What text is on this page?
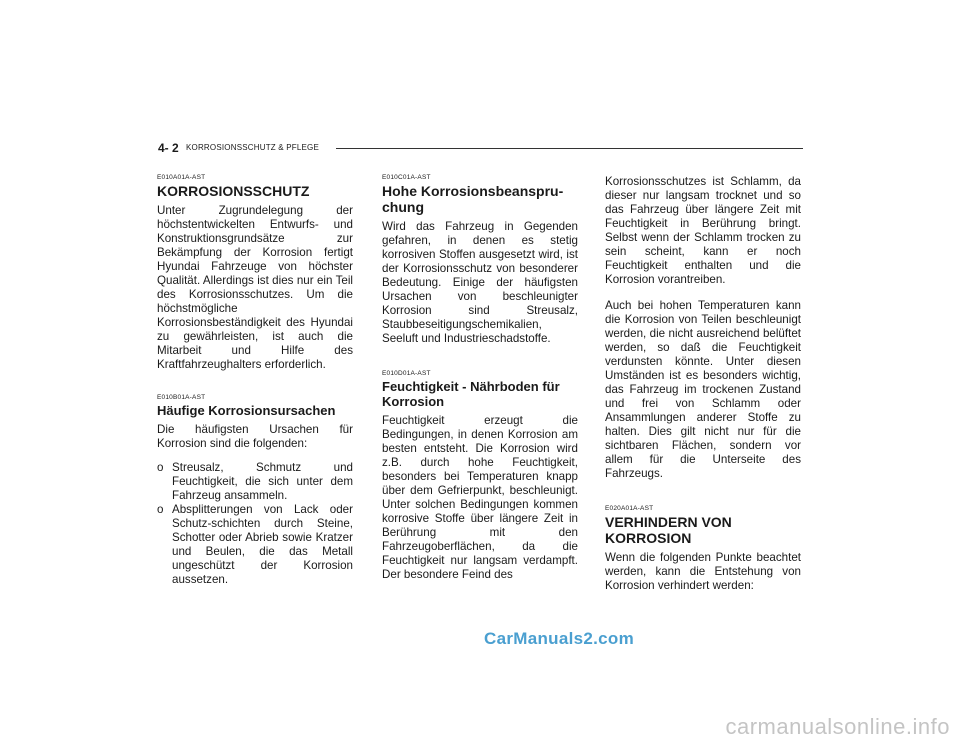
4- 2 KORROSIONSSCHUTZ & PFLEGE
E010A01A-AST
KORROSIONSSCHUTZ

Unter Zugrundelegung der höchstentwickelten Entwurfs- und Konstruktionsgrundsätze zur Bekämpfung der Korrosion fertigt Hyundai Fahrzeuge von höchster Qualität. Allerdings ist dies nur ein Teil des Korrosionsschutzes. Um die höchstmögliche Korrosionsbeständigkeit des Hyundai zu gewährleisten, ist auch die Mitarbeit und Hilfe des Kraftfahrzeughalters erforderlich.

E010B01A-AST
Häufige Korrosionsursachen

Die häufigsten Ursachen für Korrosion sind die folgenden:

o Streusalz, Schmutz und Feuchtigkeit, die sich unter dem Fahrzeug ansammeln.
o Absplitterungen von Lack oder Schutz-schichten durch Steine, Schotter oder Abrieb sowie Kratzer und Beulen, die das Metall ungeschützt der Korrosion aussetzen.
E010C01A-AST
Hohe Korrosionsbeanspru-chung

Wird das Fahrzeug in Gegenden gefahren, in denen es stetig korrosiven Stoffen ausgesetzt wird, ist der Korrosionsschutz von besonderer Bedeutung. Einige der häufigsten Ursachen von beschleunigter Korrosion sind Streusalz, Staubbeseitigungschemikalien, Seeluft und Industrieschadstoffe.

E010D01A-AST
Feuchtigkeit - Nährboden für Korrosion

Feuchtigkeit erzeugt die Bedingungen, in denen Korrosion am besten entsteht. Die Korrosion wird z.B. durch hohe Feuchtigkeit, besonders bei Temperaturen knapp über dem Gefrierpunkt, beschleunigt. Unter solchen Bedingungen kommen korrosive Stoffe über längere Zeit in Berührung mit den Fahrzeugoberflächen, da die Feuchtigkeit nur langsam verdampft. Der besondere Feind des

Korrosionsschutzes ist Schlamm, da dieser nur langsam trocknet und so das Fahrzeug über längere Zeit mit Feuchtigkeit in Berührung bringt. Selbst wenn der Schlamm trocken zu sein scheint, kann er noch Feuchtigkeit enthalten und die Korrosion vorantreiben.

Auch bei hohen Temperaturen kann die Korrosion von Teilen beschleunigt werden, die nicht ausreichend belüftet werden, so daß die Feuchtigkeit verdunsten könnte. Unter diesen Umständen ist es besonders wichtig, das Fahrzeug im trockenen Zustand und frei von Schlamm oder Ansammlungen anderer Stoffe zu halten. Dies gilt nicht nur für die sichtbaren Flächen, sondern vor allem für die Unterseite des Fahrzeugs.

E020A01A-AST
VERHINDERN VON KORROSION

Wenn die folgenden Punkte beachtet werden, kann die Entstehung von Korrosion verhindert werden:

CarManuals2.com
carmanualsonline.info
